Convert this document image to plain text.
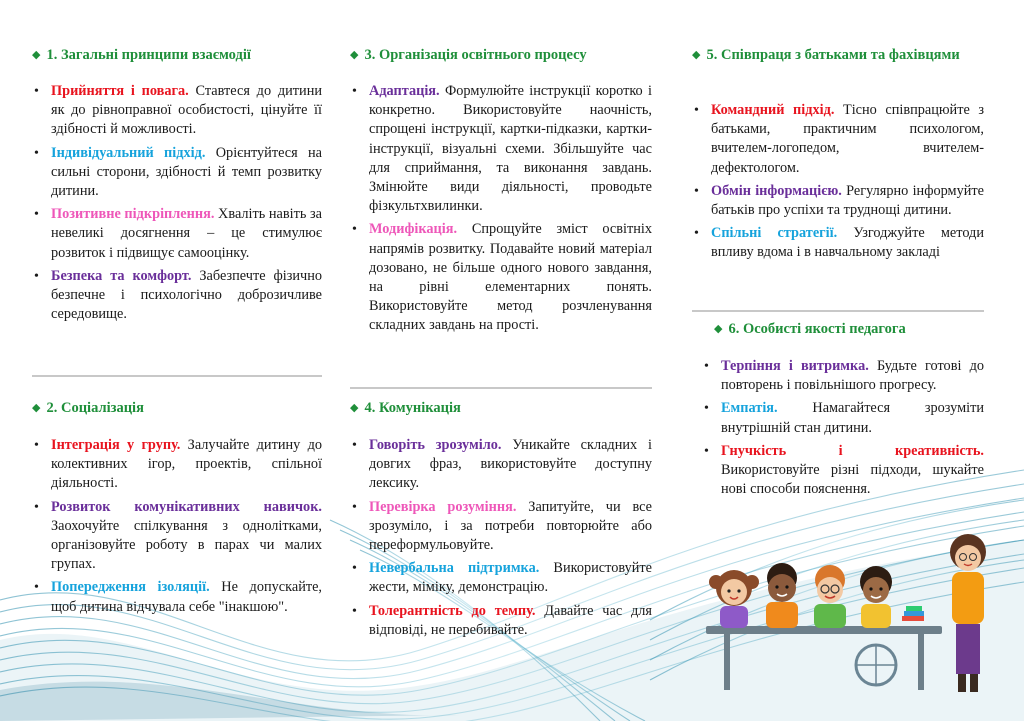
◆ 1. Загальні принципи взаємодії
• Прийняття і повага. Ставтеся до дитини як до рівноправної особистості, цінуйте її здібності й можливості.
• Індивідуальний підхід. Орієнтуйтеся на сильні сторони, здібності й темп розвитку дитини.
• Позитивне підкріплення. Хваліть навіть за невеликі досягнення – це стимулює розвиток і підвищує самооцінку.
• Безпека та комфорт. Забезпечте фізично безпечне і психологічно доброзичливе середовище.
◆ 2. Соціалізація
• Інтеграція у групу. Залучайте дитину до колективних ігор, проектів, спільної діяльності.
• Розвиток комунікативних навичок. Заохочуйте спілкування з однолітками, організовуйте роботу в парах чи малих групах.
• Попередження ізоляції. Не допускайте, щоб дитина відчувала себе "інакшою".
◆ 3. Організація освітнього процесу
• Адаптація. Формулюйте інструкції коротко і конкретно. Використовуйте наочність, спрощені інструкції, картки-підказки, картки-інструкції, візуальні схеми. Збільшуйте час для сприймання, та виконання завдань. Змінюйте види діяльності, проводьте фізкультхвилинки.
• Модифікація. Спрощуйте зміст освітніх напрямів розвитку. Подавайте новий матеріал дозовано, не більше одного нового завдання, на рівні елементарних понять. Використовуйте метод розчленування складних завдань на прості.
◆ 4. Комунікація
• Говоріть зрозуміло. Уникайте складних і довгих фраз, використовуйте доступну лексику.
• Перевірка розуміння. Запитуйте, чи все зрозуміло, і за потреби повторюйте або переформульовуйте.
• Невербальна підтримка. Використовуйте жести, міміку, демонстрацію.
• Толерантність до темпу. Давайте час для відповіді, не перебивайте.
◆ 5. Співпраця з батьками та фахівцями
• Командний підхід. Тісно співпрацюйте з батьками, практичним психологом, вчителем-логопедом, вчителем-дефектологом.
• Обмін інформацією. Регулярно інформуйте батьків про успіхи та труднощі дитини.
• Спільні стратегії. Узгоджуйте методи впливу вдома і в навчальному закладі
◆ 6. Особисті якості педагога
• Терпіння і витримка. Будьте готові до повторень і повільнішого прогресу.
• Емпатія. Намагайтеся зрозуміти внутрішній стан дитини.
• Гнучкість і креативність. Використовуйте різні підходи, шукайте нові способи пояснення.
